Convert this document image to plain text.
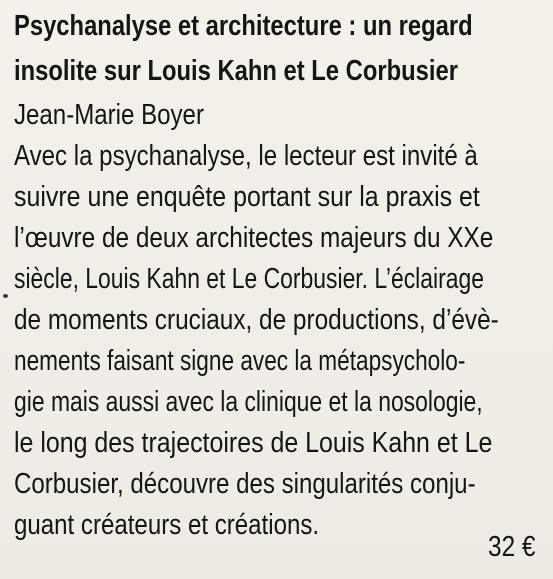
Psychanalyse et architecture : un regard
insolite sur Louis Kahn et Le Corbusier
Jean-Marie Boyer
Avec la psychanalyse, le lecteur est invité à
suivre une enquête portant sur la praxis et
l’œuvre de deux architectes majeurs du XXe
siècle, Louis Kahn et Le Corbusier. L’éclairage
de moments cruciaux, de productions, d’évè-
nements faisant signe avec la métapsycholo-
gie mais aussi avec la clinique et la nosologie,
le long des trajectoires de Louis Kahn et Le
Corbusier, découvre des singularités conju-
guant créateurs et créations.
32 €
